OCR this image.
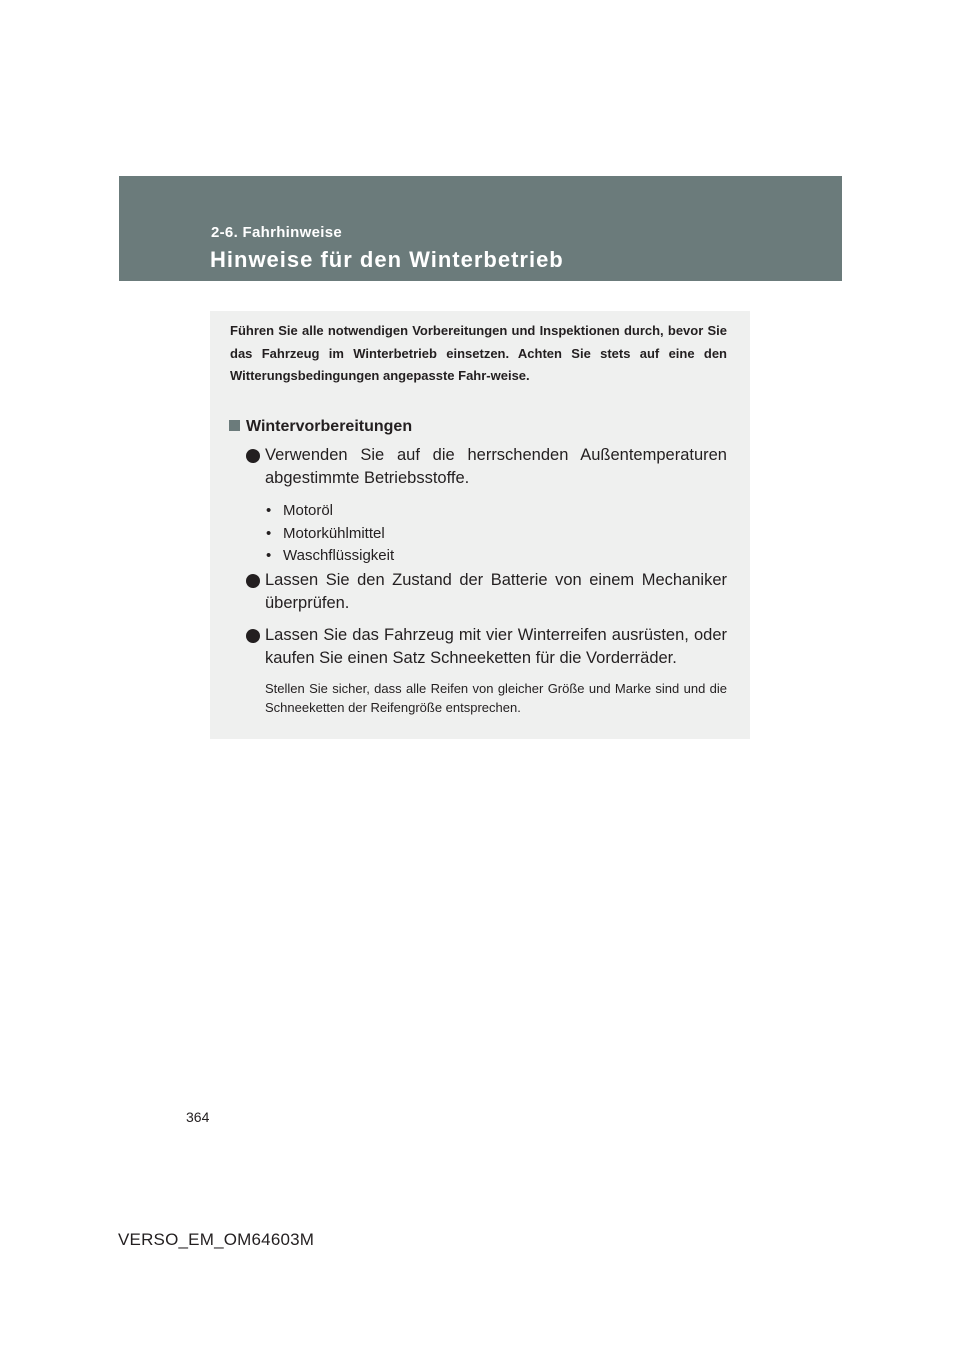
2-6. Fahrhinweise
Hinweise für den Winterbetrieb

Führen Sie alle notwendigen Vorbereitungen und Inspektionen durch, bevor Sie das Fahrzeug im Winterbetrieb einsetzen. Achten Sie stets auf eine den Witterungsbedingungen angepasste Fahr-weise.

Wintervorbereitungen

Verwenden Sie auf die herrschenden Außentemperaturen abgestimmte Betriebsstoffe.

• Motoröl
• Motorkühlmittel
• Waschflüssigkeit

Lassen Sie den Zustand der Batterie von einem Mechaniker überprüfen.

Lassen Sie das Fahrzeug mit vier Winterreifen ausrüsten, oder kaufen Sie einen Satz Schneeketten für die Vorderräder.

Stellen Sie sicher, dass alle Reifen von gleicher Größe und Marke sind und die Schneeketten der Reifengröße entsprechen.

364
VERSO_EM_OM64603M
